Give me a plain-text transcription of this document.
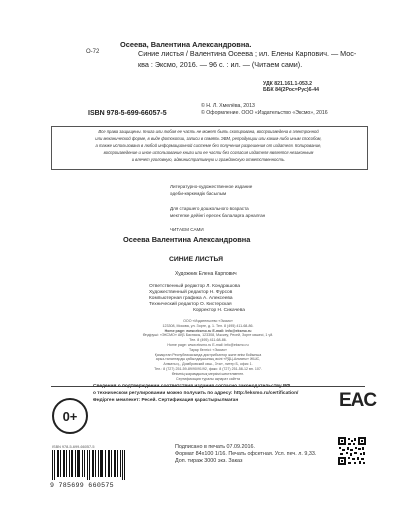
УДК 821.161.1-053.2
ББК 84(2Рос=Рус)6-44
О-72
Осеева, Валентина Александровна.
Синие листья / Валентина Осеева ; ил. Елены Карпович. — Мос-
ква : Эксмо, 2016. — 96 с. : ил. — (Читаем сами).
ISBN 978-5-699-66057-5
© Н. Л. Хмелёва, 2013
© Оформление. ООО «Издательство «Эксмо», 2016
Все права защищены. Книга или любая ее часть не может быть скопирована, воспроизведена в электронной
или механической форме, в виде фотокопии, записи в память ЭВМ, репродукции или каким-либо иным способом,
а также использована в любой информационной системе без получения разрешения от издателя. Копирование,
воспроизведение и иное использование книги или ее части без согласия издателя является незаконным
и влечет уголовную, административную и гражданскую ответственность.
Литературно-художественное издание
әдеби-көркемдік басылым

Для старшего дошкольного возраста
мектепке дейінгі ересек балаларға арналған

ЧИТАЕМ САМИ
Осеева Валентина Александровна
СИНИЕ ЛИСТЬЯ
Художник Елена Карпович
Ответственный редактор Л. Кондрашова
Художественный редактор Н. Фурсов
Компьютерная графика А. Алексеева
Технический редактор О. Кистерская
Корректор Н. Сикачева
ООО «Издательство «Эксмо»
123308, Москва, ул. Зорге, д. 1. Тел. 8 (495) 411-68-86.
Home page: www.eksmo.ru E-mail: info@eksmo.ru
Өндіруші: «ЭКСМО» АҚБ Баспасы, 123308, Мәскеу, Ресей, Зорге көшесі, 1 үй.
Тел. 8 (495) 411-68-86.
Home page: www.eksmo.ru E-mail: info@eksmo.ru
Тауар белгісі: «Эксмо»
Қазақстан Республикасында дистрибьютор және өнім бойынша
арыз-талаптарды қабылдаушының өкілі «РДЦ-Алматы» ЖШС,
Алматы қ., Домбровский көш., 3«а», литер Б, офис 1.
Тел.: 8 (727) 251-59-89/90/91/92, факс: 8 (727) 251-58-12 вн. 107.
Өнімнің жарамдылық мерзімі шектелмеген.
Сертификация туралы ақпарат сайтта
0+
Сведения о подтверждении соответствия издания согласно законодательству РФ
о техническом регулировании можно получить по адресу: http://eksmo.ru/certification/
Өндірген мемлекет: Ресей. Сертификация қарастырылмаған	EAC
ISBN 978-5-699-66057-5
9 785699 660575
Подписано в печать 07.09.2016.
Формат 84х100 1/16. Печать офсетная. Усл. печ. л. 9,33.
Доп. тираж 3000 экз. Заказ
